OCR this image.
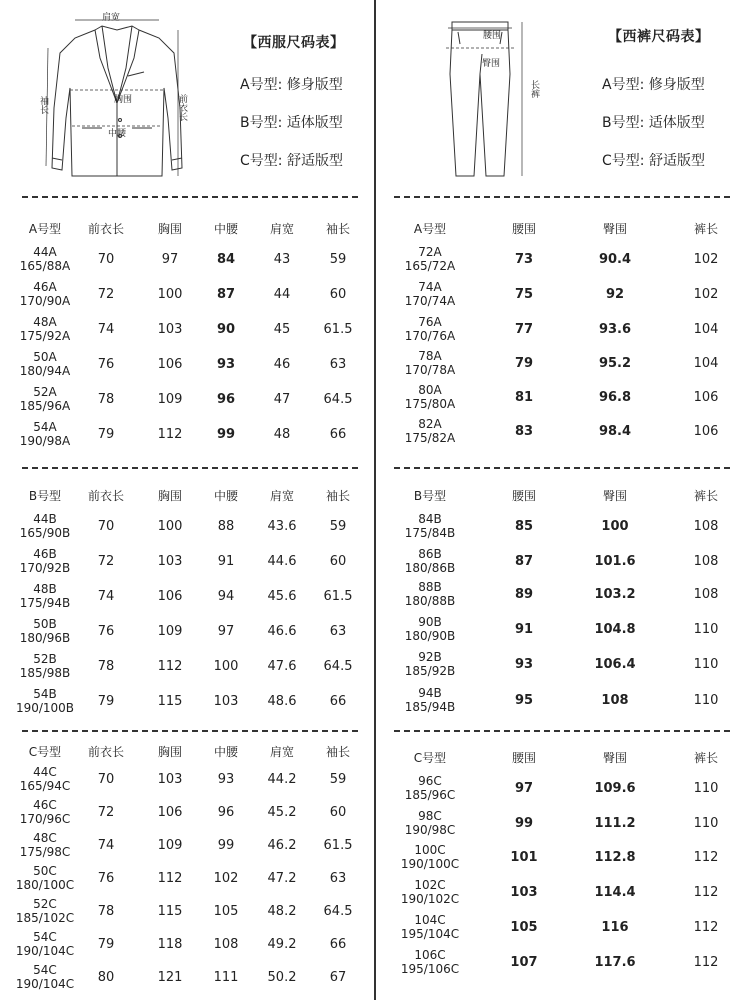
肩宽
胸围
中腰
袖长	前衣长
【西服尺码表】
A号型: 修身版型
B号型: 适体版型
C号型: 舒适版型
腰围
臀围
长裤
【西裤尺码表】
A号型: 修身版型
B号型: 适体版型
C号型: 舒适版型
A号型 前衣长	胸围	中腰	肩宽	袖长
44A
165/88A 70	97	84	43	59
46A
170/90A 72	100	87	44	60
48A
175/92A 74	103	90	45	61.5
50A
180/94A 76	106	93	46	63
52A
185/96A 78	109	96	47	64.5
54A
190/98A 79	112	99	48	66
B号型 前衣长	胸围	中腰	肩宽	袖长
44B
165/90B 70	100	88	43.6	59
46B
170/92B 72	103	91	44.6	60
48B
175/94B 74	106	94	45.6 61.5
50B
180/96B 76	109	97	46.6	63
52B
185/98B 78	112 100 47.6 64.5
54B
190/100B 79	115 103 48.6	66
C号型 前衣长	胸围	中腰	肩宽	袖长
44C
165/94C 70	103	93	44.2	59
46C
170/96C 72	106	96	45.2	60
48C
175/98C 74	109	99	46.2 61.5
50C
180/100C 76	112 102 47.2	63
52C
185/102C 78	115 105 48.2 64.5
54C
190/104C 79	118 108 49.2	66
54C
190/104C 80	121 111 50.2	67
A号型	腰围	臀围	裤长
72A
165/72A	73	90.4	102
74A
170/74A	75	92	102
76A
170/76A	77	93.6	104
78A
170/78A	79	95.2	104
80A
175/80A	81	96.8	106
82A
175/82A	83	98.4	106
B号型	腰围	臀围	裤长
84B
175/84B	85	100	108
86B
180/86B	87	101.6	108
88B
180/88B	89	103.2	108
90B
180/90B	91	104.8	110
92B
185/92B	93	106.4	110
94B
185/94B	95	108	110
C号型	腰围	臀围	裤长
96C
185/96C	97	109.6	110
98C
190/98C	99	111.2	110
100C
190/100C	101	112.8	112
102C
190/102C	103	114.4	112
104C
195/104C	105	116	112
106C
195/106C	107	117.6	112
